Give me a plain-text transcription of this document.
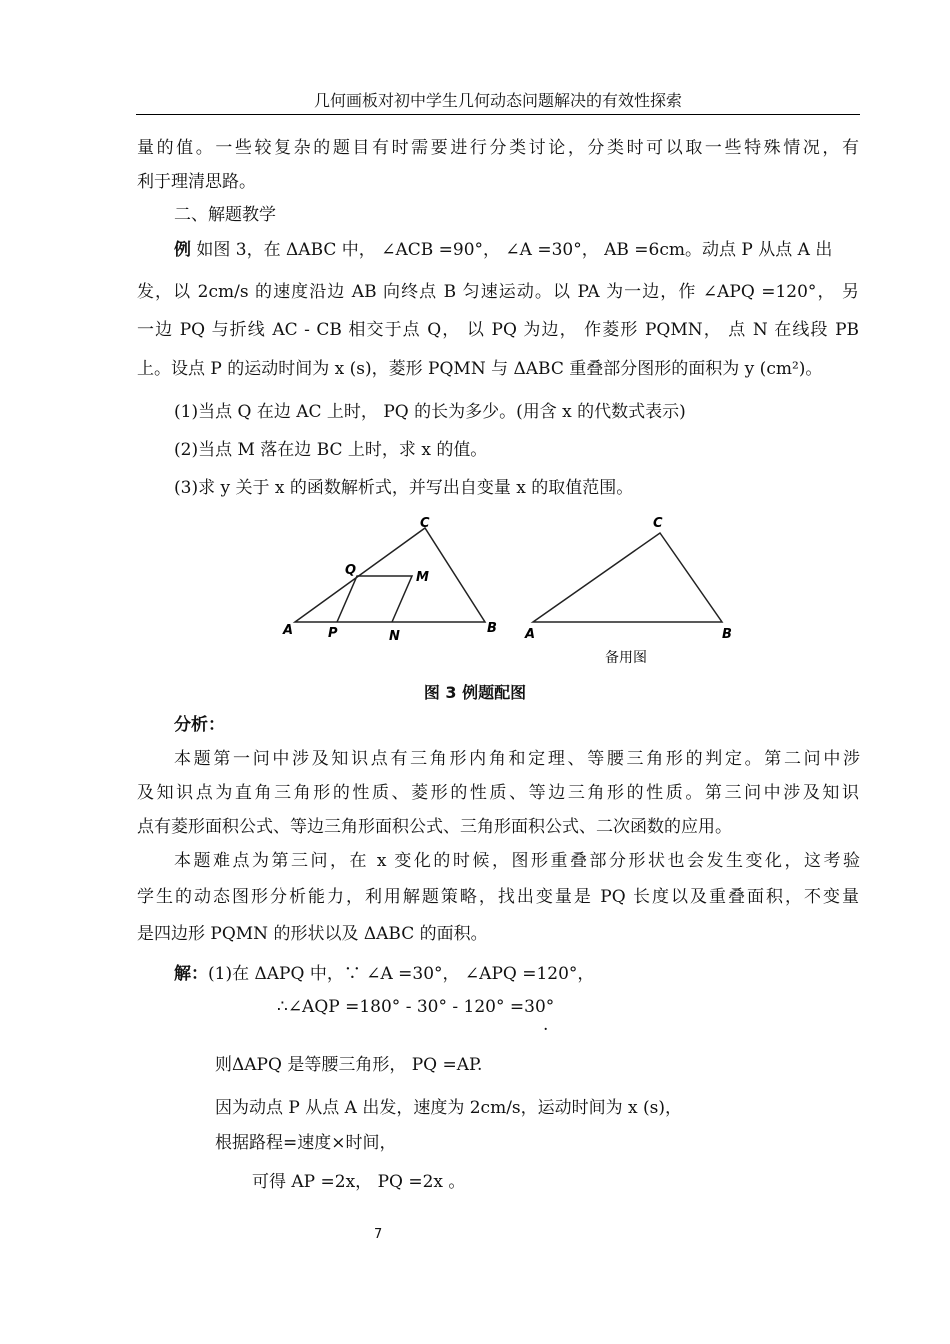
几何画板对初中学生几何动态问题解决的有效性探索
量的值。一些较复杂的题目有时需要进行分类讨论，分类时可以取一些特殊情况，有
利于理清思路。
二、解题教学
例 如图 3，在 ΔABC 中， ∠ACB =90°， ∠A =30°， AB =6cm。动点 P 从点 A 出
发，以 2cm/s 的速度沿边 AB 向终点 B 匀速运动。以 PA 为一边，作 ∠APQ =120°， 另
一边 PQ 与折线 AC - CB 相交于点 Q， 以 PQ 为边， 作菱形 PQMN， 点 N 在线段 PB
上。设点 P 的运动时间为 x (s)，菱形 PQMN 与 ΔABC 重叠部分图形的面积为 y (cm²)。
(1)当点 Q 在边 AC 上时， PQ 的长为多少。(用含 x 的代数式表示)
(2)当点 M 落在边 BC 上时，求 x 的值。
(3)求 y 关于 x 的函数解析式，并写出自变量 x 的取值范围。
A	B
C
P
Q	M
N	A	B
C
备用图
图 3 例题配图
分析：
本题第一问中涉及知识点有三角形内角和定理、等腰三角形的判定。第二问中涉
及知识点为直角三角形的性质、菱形的性质、等边三角形的性质。第三问中涉及知识
点有菱形面积公式、等边三角形面积公式、三角形面积公式、二次函数的应用。
本题难点为第三问，在 x 变化的时候，图形重叠部分形状也会发生变化，这考验
学生的动态图形分析能力，利用解题策略，找出变量是 PQ 长度以及重叠面积，不变量
是四边形 PQMN 的形状以及 ΔABC 的面积。
解：(1)在 ΔAPQ 中，∵ ∠A =30°， ∠APQ =120°，
∴∠AQP =180° - 30° - 120° =30°
.
则ΔAPQ 是等腰三角形， PQ =AP.
因为动点 P 从点 A 出发，速度为 2cm/s，运动时间为 x (s)，
根据路程=速度×时间，
可得 AP =2x， PQ =2x 。
7
